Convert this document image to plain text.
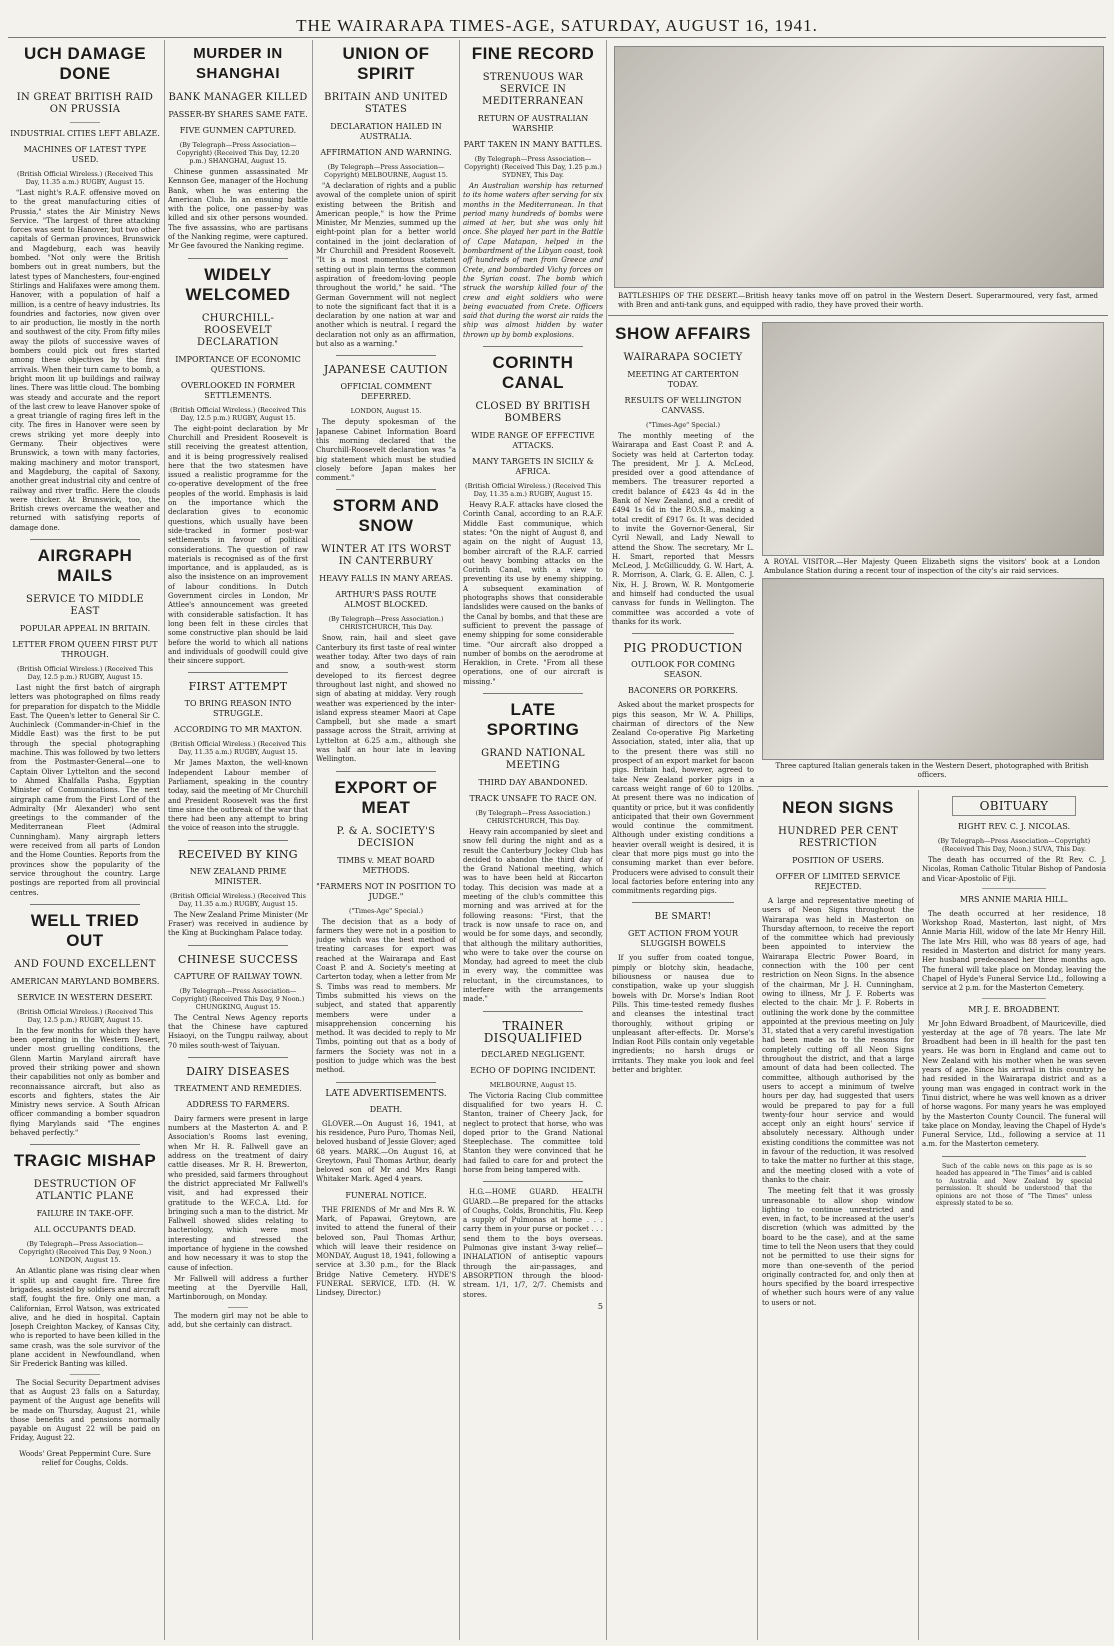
THE WAIRARAPA TIMES-AGE, SATURDAY, AUGUST 16, 1941.
UCH DAMAGE DONE
IN GREAT BRITISH RAID ON PRUSSIA
INDUSTRIAL CITIES LEFT ABLAZE.
MACHINES OF LATEST TYPE USED.
(British Official Wireless.) (Received This Day, 11.35 a.m.) RUGBY, August 15.
"Last night's R.A.F. offensive moved on to the great manufacturing cities of Prussia," states the Air Ministry News Service. "The largest of three attacking forces was sent to Hanover, but two other capitals of German provinces, Brunswick and Magdeburg, each was heavily bombed. "Not only were the British bombers out in great numbers, but the latest types of Manchesters, four-engined Stirlings and Halifaxes were among them. Hanover, with a population of half a million, is a centre of heavy industries. Its foundries and factories, now given over to air production, lie mostly in the north and southwest of the city. From fifty miles away the pilots of successive waves of bombers could pick out fires started among these objectives by the first arrivals. When their turn came to bomb, a bright moon lit up buildings and railway lines. There was little cloud. The bombing was steady and accurate and the report of the last crew to leave Hanover spoke of a great triangle of raging fires left in the city. The fires in Hanover were seen by crews striking yet more deeply into Germany. Their objectives were Brunswick, a town with many factories, making machinery and motor transport, and Magdeburg, the capital of Saxony, another great industrial city and centre of railway and river traffic. Here the clouds were thicker. At Brunswick, too, the British crews overcame the weather and returned with satisfying reports of damage done.
AIRGRAPH MAILS
SERVICE TO MIDDLE EAST
POPULAR APPEAL IN BRITAIN.
LETTER FROM QUEEN FIRST PUT THROUGH.
(British Official Wireless.) (Received This Day, 12.5 p.m.) RUGBY, August 15.
Last night the first batch of airgraph letters was photographed on films ready for preparation for dispatch to the Middle East. The Queen's letter to General Sir C. Auchinleck (Commander-in-Chief in the Middle East) was the first to be put through the special photographing machine. This was followed by two letters from the Postmaster-General—one to Captain Oliver Lyttelton and the second to Ahmed Khalfalla Pasha, Egyptian Minister of Communications. The next airgraph came from the First Lord of the Admiralty (Mr Alexander) who sent greetings to the commander of the Mediterranean Fleet (Admiral Cunningham). Many airgraph letters were received from all parts of London and the Home Counties. Reports from the provinces show the popularity of the service throughout the country. Large postings are reported from all provincial centres.
WELL TRIED OUT
AND FOUND EXCELLENT
AMERICAN MARYLAND BOMBERS.
SERVICE IN WESTERN DESERT.
(British Official Wireless.) (Received This Day, 12.5 p.m.) RUGBY, August 15.
In the few months for which they have been operating in the Western Desert, under most gruelling conditions, the Glenn Martin Maryland aircraft have proved their striking power and shown their capabilities not only as bomber and reconnaissance aircraft, but also as escorts and fighters, states the Air Ministry news service. A South African officer commanding a bomber squadron flying Marylands said "The engines behaved perfectly."
TRAGIC MISHAP
DESTRUCTION OF ATLANTIC PLANE
FAILURE IN TAKE-OFF.
ALL OCCUPANTS DEAD.
(By Telegraph—Press Association—Copyright) (Received This Day, 9 Noon.) LONDON, August 15.
An Atlantic plane was rising clear when it split up and caught fire. Three fire brigades, assisted by soldiers and aircraft staff, fought the fire. Only one man, a Californian, Errol Watson, was extricated alive, and he died in hospital. Captain Joseph Creighton Mackey, of Kansas City, who is reported to have been killed in the same crash, was the sole survivor of the plane accident in Newfoundland, when Sir Frederick Banting was killed.
The Social Security Department advises that as August 23 falls on a Saturday, payment of the August age benefits will be made on Thursday, August 21, while those benefits and pensions normally payable on August 22 will be paid on Friday, August 22.
Woods' Great Peppermint Cure. Sure relief for Coughs, Colds.
MURDER IN SHANGHAI
BANK MANAGER KILLED
PASSER-BY SHARES SAME FATE.
FIVE GUNMEN CAPTURED.
(By Telegraph—Press Association—Copyright) (Received This Day, 12.20 p.m.) SHANGHAI, August 15.
Chinese gunmen assassinated Mr Kennson Gee, manager of the Hochung Bank, when he was entering the American Club. In an ensuing battle with the police, one passer-by was killed and six other persons wounded. The five assassins, who are partisans of the Nanking regime, were captured. Mr Gee favoured the Nanking regime.
WIDELY WELCOMED
CHURCHILL-ROOSEVELT DECLARATION
IMPORTANCE OF ECONOMIC QUESTIONS.
OVERLOOKED IN FORMER SETTLEMENTS.
(British Official Wireless.) (Received This Day, 12.5 p.m.) RUGBY, August 15.
The eight-point declaration by Mr Churchill and President Roosevelt is still receiving the greatest attention, and it is being progressively realised here that the two statesmen have issued a realistic programme for the co-operative development of the free peoples of the world. Emphasis is laid on the importance which the declaration gives to economic questions, which usually have been side-tracked in former post-war settlements in favour of political considerations. The question of raw materials is recognised as of the first importance, and is applauded, as is also the insistence on an improvement of labour conditions. In Dutch Government circles in London, Mr Attlee's announcement was greeted with considerable satisfaction. It has long been felt in these circles that some constructive plan should be laid before the world to which all nations and individuals of goodwill could give their sincere support.
FIRST ATTEMPT
TO BRING REASON INTO STRUGGLE.
ACCORDING TO MR MAXTON.
(British Official Wireless.) (Received This Day, 11.35 a.m.) RUGBY, August 15.
Mr James Maxton, the well-known Independent Labour member of Parliament, speaking in the country today, said the meeting of Mr Churchill and President Roosevelt was the first time since the outbreak of the war that there had been any attempt to bring the voice of reason into the struggle.
RECEIVED BY KING
NEW ZEALAND PRIME MINISTER.
(British Official Wireless.) (Received This Day, 11.35 a.m.) RUGBY, August 15.
The New Zealand Prime Minister (Mr Fraser) was received in audience by the King at Buckingham Palace today.
CHINESE SUCCESS
CAPTURE OF RAILWAY TOWN.
(By Telegraph—Press Association—Copyright) (Received This Day, 9 Noon.) CHUNGKING, August 15.
The Central News Agency reports that the Chinese have captured Hsiaoyi, on the Tungpu railway, about 70 miles south-west of Taiyuan.
DAIRY DISEASES
TREATMENT AND REMEDIES.
ADDRESS TO FARMERS.
Dairy farmers were present in large numbers at the Masterton A. and P. Association's Rooms last evening, when Mr H. R. Fallwell gave an address on the treatment of dairy cattle diseases. Mr R. H. Brewerton, who presided, said farmers throughout the district appreciated Mr Fallwell's visit, and had expressed their gratitude to the W.F.C.A. Ltd. for bringing such a man to the district. Mr Fallwell showed slides relating to bacteriology, which were most interesting and stressed the importance of hygiene in the cowshed and how necessary it was to stop the cause of infection.
Mr Fallwell will address a further meeting at the Dyerville Hall, Martinborough, on Monday.
The modern girl may not be able to add, but she certainly can distract.
UNION OF SPIRIT
BRITAIN AND UNITED STATES
DECLARATION HAILED IN AUSTRALIA.
AFFIRMATION AND WARNING.
(By Telegraph—Press Association—Copyright) MELBOURNE, August 15.
"A declaration of rights and a public avowal of the complete union of spirit existing between the British and American people," is how the Prime Minister, Mr Menzies, summed up the eight-point plan for a better world contained in the joint declaration of Mr Churchill and President Roosevelt. "It is a most momentous statement setting out in plain terms the common aspiration of freedom-loving people throughout the world," he said. "The German Government will not neglect to note the significant fact that it is a declaration by one nation at war and another which is neutral. I regard the declaration not only as an affirmation, but also as a warning."
JAPANESE CAUTION
OFFICIAL COMMENT DEFERRED.
LONDON, August 15.
The deputy spokesman of the Japanese Cabinet Information Board this morning declared that the Churchill-Roosevelt declaration was "a big statement which must be studied closely before Japan makes her comment."
STORM AND SNOW
WINTER AT ITS WORST IN CANTERBURY
HEAVY FALLS IN MANY AREAS.
ARTHUR'S PASS ROUTE ALMOST BLOCKED.
(By Telegraph—Press Association.) CHRISTCHURCH, This Day.
Snow, rain, hail and sleet gave Canterbury its first taste of real winter weather today. After two days of rain and snow, a south-west storm developed to its fiercest degree throughout last night, and showed no sign of abating at midday. Very rough weather was experienced by the inter-island express steamer Maori at Cape Campbell, but she made a smart passage across the Strait, arriving at Lyttelton at 6.25 a.m., although she was half an hour late in leaving Wellington.
EXPORT OF MEAT
P. & A. SOCIETY'S DECISION
TIMBS v. MEAT BOARD METHODS.
"FARMERS NOT IN POSITION TO JUDGE."
("Times-Age" Special.)
The decision that as a body of farmers they were not in a position to judge which was the best method of treating carcases for export was reached at the Wairarapa and East Coast P. and A. Society's meeting at Carterton today, when a letter from Mr S. Timbs was read to members. Mr Timbs submitted his views on the subject, and stated that apparently members were under a misapprehension concerning his method. It was decided to reply to Mr Timbs, pointing out that as a body of farmers the Society was not in a position to judge which was the best method.
LATE ADVERTISEMENTS.
DEATH.
GLOVER.—On August 16, 1941, at his residence, Puro Puro, Thomas Neil, beloved husband of Jessie Glover; aged 68 years. MARK.—On August 16, at Greytown, Paul Thomas Arthur, dearly beloved son of Mr and Mrs Rangi Whitaker Mark. Aged 4 years.
FUNERAL NOTICE.
THE FRIENDS of Mr and Mrs R. W. Mark, of Papawai, Greytown, are invited to attend the funeral of their beloved son, Paul Thomas Arthur, which will leave their residence on MONDAY, August 18, 1941, following a service at 3.30 p.m., for the Black Bridge Native Cemetery. HYDE'S FUNERAL SERVICE, LTD. (H. W. Lindsey, Director.)
FINE RECORD
STRENUOUS WAR SERVICE IN MEDITERRANEAN
RETURN OF AUSTRALIAN WARSHIP.
PART TAKEN IN MANY BATTLES.
(By Telegraph—Press Association—Copyright) (Received This Day, 1.25 p.m.) SYDNEY, This Day.
An Australian warship has returned to its home waters after serving for six months in the Mediterranean. In that period many hundreds of bombs were aimed at her, but she was only hit once. She played her part in the Battle of Cape Matapan, helped in the bombardment of the Libyan coast, took off hundreds of men from Greece and Crete, and bombarded Vichy forces on the Syrian coast. The bomb which struck the warship killed four of the crew and eight soldiers who were being evacuated from Crete. Officers said that during the worst air raids the ship was almost hidden by water thrown up by bomb explosions.
CORINTH CANAL
CLOSED BY BRITISH BOMBERS
WIDE RANGE OF EFFECTIVE ATTACKS.
MANY TARGETS IN SICILY & AFRICA.
(British Official Wireless.) (Received This Day, 11.35 a.m.) RUGBY, August 15.
Heavy R.A.F. attacks have closed the Corinth Canal, according to an R.A.F. Middle East communique, which states: "On the night of August 8, and again on the night of August 13, bomber aircraft of the R.A.F. carried out heavy bombing attacks on the Corinth Canal, with a view to preventing its use by enemy shipping. A subsequent examination of photographs shows that considerable landslides were caused on the banks of the Canal by bombs, and that these are sufficient to prevent the passage of enemy shipping for some considerable time. "Our aircraft also dropped a number of bombs on the aerodrome at Heraklion, in Crete. "From all these operations, one of our aircraft is missing."
LATE SPORTING
GRAND NATIONAL MEETING
THIRD DAY ABANDONED.
TRACK UNSAFE TO RACE ON.
(By Telegraph—Press Association.) CHRISTCHURCH, This Day.
Heavy rain accompanied by sleet and snow fell during the night and as a result the Canterbury Jockey Club has decided to abandon the third day of the Grand National meeting, which was to have been held at Riccarton today. This decision was made at a meeting of the club's committee this morning and was arrived at for the following reasons: "First, that the track is now unsafe to race on, and would be for some days, and secondly, that although the military authorities, who were to take over the course on Monday, had agreed to meet the club in every way, the committee was reluctant, in the circumstances, to interfere with the arrangements made."
TRAINER DISQUALIFIED
DECLARED NEGLIGENT.
ECHO OF DOPING INCIDENT.
MELBOURNE, August 15.
The Victoria Racing Club committee disqualified for two years H. C. Stanton, trainer of Cheery Jack, for neglect to protect that horse, who was doped prior to the Grand National Steeplechase. The committee told Stanton they were convinced that he had failed to care for and protect the horse from being tampered with.
H.G.—HOME GUARD. HEALTH GUARD.—Be prepared for the attacks of Coughs, Colds, Bronchitis, Flu. Keep a supply of Pulmonas at home . . . carry them in your purse or pocket . . . send them to the boys overseas. Pulmonas give instant 3-way relief—INHALATION of antiseptic vapours through the air-passages, and ABSORPTION through the blood-stream. 1/1, 1/7, 2/7. Chemists and stores.
5
BATTLESHIPS OF THE DESERT.—British heavy tanks move off on patrol in the Western Desert. Superarmoured, very fast, armed with Bren and anti-tank guns, and equipped with radio, they have proved their worth.
SHOW AFFAIRS
WAIRARAPA SOCIETY
MEETING AT CARTERTON TODAY.
RESULTS OF WELLINGTON CANVASS.
("Times-Age" Special.)
The monthly meeting of the Wairarapa and East Coast P. and A. Society was held at Carterton today. The president, Mr J. A. McLeod, presided over a good attendance of members. The treasurer reported a credit balance of £423 4s 4d in the Bank of New Zealand, and a credit of £494 1s 6d in the P.O.S.B., making a total credit of £917 6s. It was decided to invite the Governor-General, Sir Cyril Newall, and Lady Newall to attend the Show. The secretary, Mr L. H. Smart, reported that Messrs McLeod, J. McGillicuddy, G. W. Hart, A. R. Morrison, A. Clark, G. E. Allen, C. J. Nix, H. J. Brown, W. R. Montgomerie and himself had conducted the usual canvass for funds in Wellington. The committee was accorded a vote of thanks for its work.
PIG PRODUCTION
OUTLOOK FOR COMING SEASON.
BACONERS OR PORKERS.
Asked about the market prospects for pigs this season, Mr W. A. Phillips, chairman of directors of the New Zealand Co-operative Pig Marketing Association, stated, inter alia, that up to the present there was still no prospect of an export market for bacon pigs. Britain had, however, agreed to take New Zealand porker pigs in a carcass weight range of 60 to 120lbs. At present there was no indication of quantity or price, but it was confidently anticipated that their own Government would continue the commitment. Although under existing conditions a heavier overall weight is desired, it is clear that more pigs must go into the consuming market than ever before. Producers were advised to consult their local factories before entering into any commitments regarding pigs.
BE SMART!
GET ACTION FROM YOUR SLUGGISH BOWELS
If you suffer from coated tongue, pimply or blotchy skin, headache, biliousness or nausea due to constipation, wake up your sluggish bowels with Dr. Morse's Indian Root Pills. This time-tested remedy flushes and cleanses the intestinal tract thoroughly, without griping or unpleasant after-effects. Dr. Morse's Indian Root Pills contain only vegetable ingredients; no harsh drugs or irritants. They make you look and feel better and brighter.
A ROYAL VISITOR.—Her Majesty Queen Elizabeth signs the visitors' book at a London Ambulance Station during a recent tour of inspection of the city's air raid services.
Three captured Italian generals taken in the Western Desert, photographed with British officers.
NEON SIGNS
HUNDRED PER CENT RESTRICTION
POSITION OF USERS.
OFFER OF LIMITED SERVICE REJECTED.
A large and representative meeting of users of Neon Signs throughout the Wairarapa was held in Masterton on Thursday afternoon, to receive the report of the committee which had previously been appointed to interview the Wairarapa Electric Power Board, in connection with the 100 per cent restriction on Neon Signs. In the absence of the chairman, Mr J. H. Cunningham, owing to illness, Mr J. F. Roberts was elected to the chair. Mr J. F. Roberts in outlining the work done by the committee appointed at the previous meeting on July 31, stated that a very careful investigation had been made as to the reasons for completely cutting off all Neon Signs throughout the district, and that a large amount of data had been collected. The committee, although authorised by the users to accept a minimum of twelve hours per day, had suggested that users would be prepared to pay for a full twenty-four hour service and would accept only an eight hours' service if absolutely necessary. Although under existing conditions the committee was not in favour of the reduction, it was resolved to take the matter no further at this stage, and the meeting closed with a vote of thanks to the chair.
The meeting felt that it was grossly unreasonable to allow shop window lighting to continue unrestricted and even, in fact, to be increased at the user's discretion (which was admitted by the board to be the case), and at the same time to tell the Neon users that they could not be permitted to use their signs for more than one-seventh of the period originally contracted for, and only then at hours specified by the board irrespective of whether such hours were of any value to users or not.
OBITUARY
RIGHT REV. C. J. NICOLAS.
(By Telegraph—Press Association—Copyright) (Received This Day, Noon.) SUVA, This Day.
The death has occurred of the Rt Rev. C. J. Nicolas, Roman Catholic Titular Bishop of Pandosia and Vicar-Apostolic of Fiji.
MRS ANNIE MARIA HILL.
The death occurred at her residence, 18 Workshop Road, Masterton, last night, of Mrs Annie Maria Hill, widow of the late Mr Henry Hill. The late Mrs Hill, who was 88 years of age, had resided in Masterton and district for many years. Her husband predeceased her three months ago. The funeral will take place on Monday, leaving the Chapel of Hyde's Funeral Service Ltd., following a service at 2 p.m. for the Masterton Cemetery.
MR J. E. BROADBENT.
Mr John Edward Broadbent, of Mauriceville, died yesterday at the age of 78 years. The late Mr Broadbent had been in ill health for the past ten years. He was born in England and came out to New Zealand with his mother when he was seven years of age. Since his arrival in this country he had resided in the Wairarapa district and as a young man was engaged in contract work in the Tinui district, where he was well known as a driver of horse wagons. For many years he was employed by the Masterton County Council. The funeral will take place on Monday, leaving the Chapel of Hyde's Funeral Service, Ltd., following a service at 11 a.m. for the Masterton cemetery.
Such of the cable news on this page as is so headed has appeared in "The Times" and is cabled to Australia and New Zealand by special permission. It should be understood that the opinions are not those of "The Times" unless expressly stated to be so.
